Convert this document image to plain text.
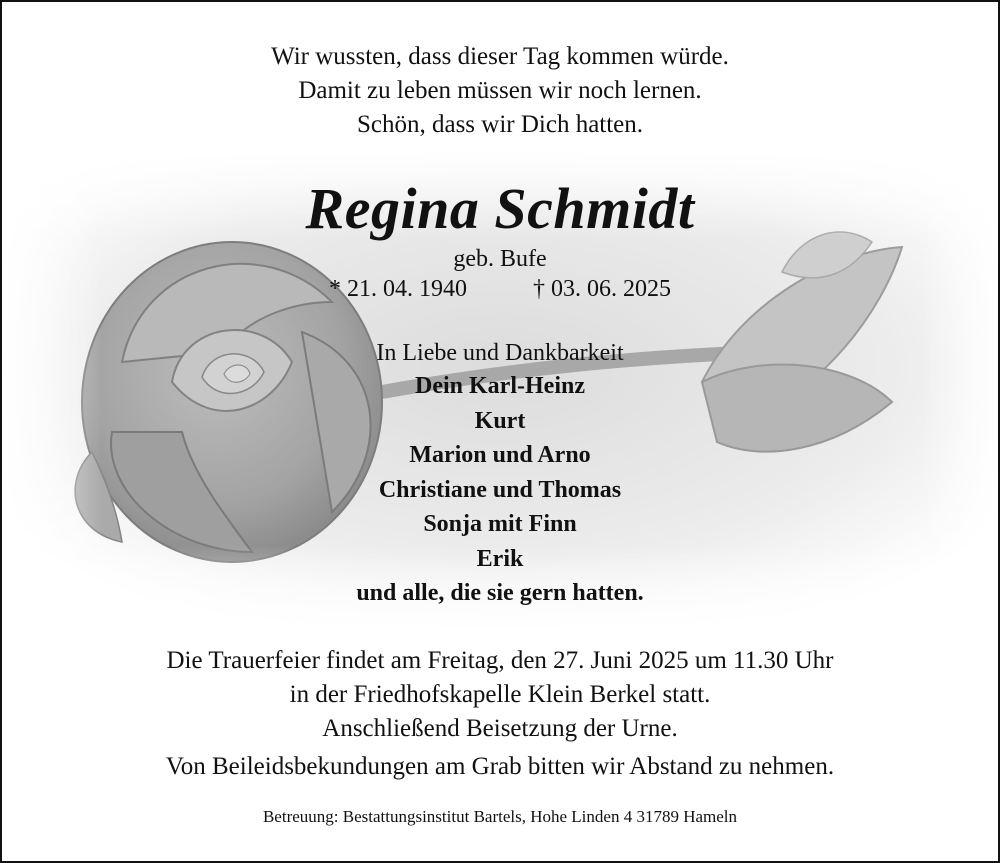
Wir wussten, dass dieser Tag kommen würde.
Damit zu leben müssen wir noch lernen.
Schön, dass wir Dich hatten.
Regina Schmidt
geb. Bufe
* 21. 04. 1940	† 03. 06. 2025
In Liebe und Dankbarkeit
Dein Karl-Heinz
Kurt
Marion und Arno
Christiane und Thomas
Sonja mit Finn
Erik
und alle, die sie gern hatten.
Die Trauerfeier findet am Freitag, den 27. Juni 2025 um 11.30 Uhr
in der Friedhofskapelle Klein Berkel statt.
Anschließend Beisetzung der Urne.
Von Beileidsbekundungen am Grab bitten wir Abstand zu nehmen.
Betreuung: Bestattungsinstitut Bartels, Hohe Linden 4 31789 Hameln
